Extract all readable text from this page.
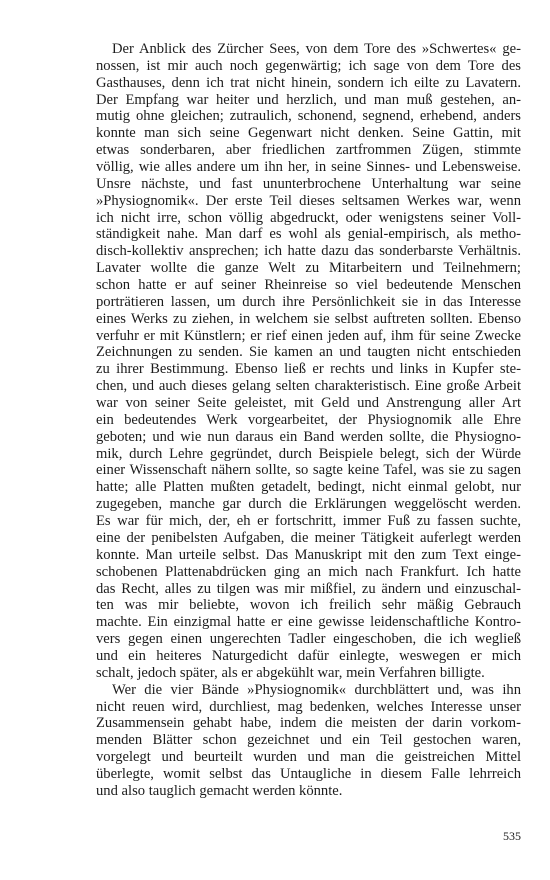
Der Anblick des Zürcher Sees, von dem Tore des »Schwertes« ge-
nossen, ist mir auch noch gegenwärtig; ich sage von dem Tore des
Gasthauses, denn ich trat nicht hinein, sondern ich eilte zu Lavatern.
Der Empfang war heiter und herzlich, und man muß gestehen, an-
mutig ohne gleichen; zutraulich, schonend, segnend, erhebend, anders
konnte man sich seine Gegenwart nicht denken. Seine Gattin, mit
etwas sonderbaren, aber friedlichen zartfrommen Zügen, stimmte
völlig, wie alles andere um ihn her, in seine Sinnes- und Lebensweise.
Unsre nächste, und fast ununterbrochene Unterhaltung war seine
»Physiognomik«. Der erste Teil dieses seltsamen Werkes war, wenn
ich nicht irre, schon völlig abgedruckt, oder wenigstens seiner Voll-
ständigkeit nahe. Man darf es wohl als genial-empirisch, als metho-
disch-kollektiv ansprechen; ich hatte dazu das sonderbarste Verhältnis.
Lavater wollte die ganze Welt zu Mitarbeitern und Teilnehmern;
schon hatte er auf seiner Rheinreise so viel bedeutende Menschen
porträtieren lassen, um durch ihre Persönlichkeit sie in das Interesse
eines Werks zu ziehen, in welchem sie selbst auftreten sollten. Ebenso
verfuhr er mit Künstlern; er rief einen jeden auf, ihm für seine Zwecke
Zeichnungen zu senden. Sie kamen an und taugten nicht entschieden
zu ihrer Bestimmung. Ebenso ließ er rechts und links in Kupfer ste-
chen, und auch dieses gelang selten charakteristisch. Eine große Arbeit
war von seiner Seite geleistet, mit Geld und Anstrengung aller Art
ein bedeutendes Werk vorgearbeitet, der Physiognomik alle Ehre
geboten; und wie nun daraus ein Band werden sollte, die Physiogno-
mik, durch Lehre gegründet, durch Beispiele belegt, sich der Würde
einer Wissenschaft nähern sollte, so sagte keine Tafel, was sie zu sagen
hatte; alle Platten mußten getadelt, bedingt, nicht einmal gelobt, nur
zugegeben, manche gar durch die Erklärungen weggelöscht werden.
Es war für mich, der, eh er fortschritt, immer Fuß zu fassen suchte,
eine der penibelsten Aufgaben, die meiner Tätigkeit auferlegt werden
konnte. Man urteile selbst. Das Manuskript mit den zum Text einge-
schobenen Plattenabdrücken ging an mich nach Frankfurt. Ich hatte
das Recht, alles zu tilgen was mir mißfiel, zu ändern und einzuschal-
ten was mir beliebte, wovon ich freilich sehr mäßig Gebrauch
machte. Ein einzigmal hatte er eine gewisse leidenschaftliche Kontro-
vers gegen einen ungerechten Tadler eingeschoben, die ich wegließ
und ein heiteres Naturgedicht dafür einlegte, weswegen er mich
schalt, jedoch später, als er abgekühlt war, mein Verfahren billigte.
Wer die vier Bände »Physiognomik« durchblättert und, was ihn
nicht reuen wird, durchliest, mag bedenken, welches Interesse unser
Zusammensein gehabt habe, indem die meisten der darin vorkom-
menden Blätter schon gezeichnet und ein Teil gestochen waren,
vorgelegt und beurteilt wurden und man die geistreichen Mittel
überlegte, womit selbst das Untaugliche in diesem Falle lehrreich
und also tauglich gemacht werden könnte.
535
